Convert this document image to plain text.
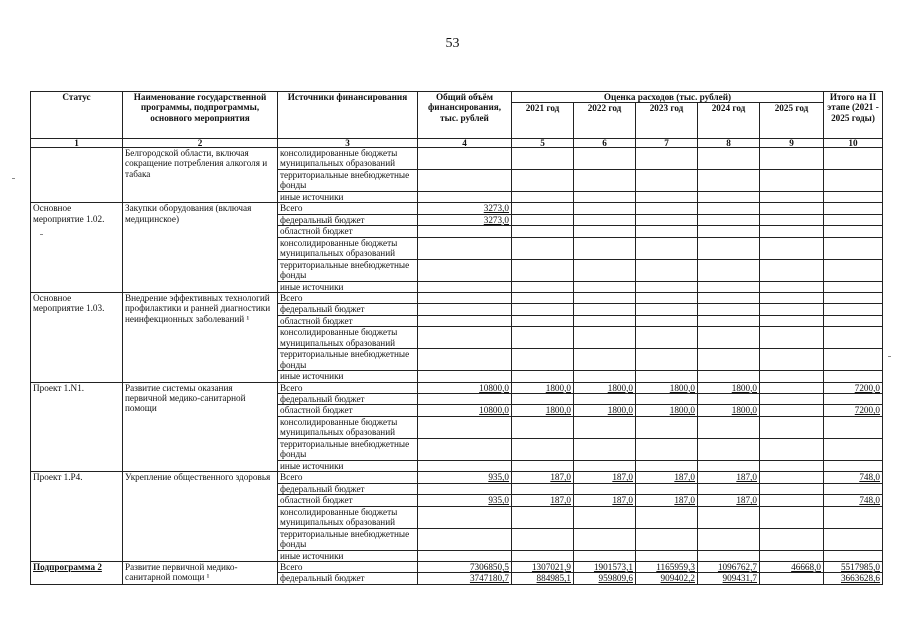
53
Статус	Наименование государственной программы, подпрограммы, основного мероприятия	Источники финансирования	Общий объём финансирования, тыс. рублей	Оценка расходов (тыс. рублей)					Итого на II этапе (2021 - 2025 годы)
				2021 год	2022 год	2023 год	2024 год	2025 год	
1	2	3	4	5	6	7	8	9	10
	Белгородской области, включая сокращение потребления алкоголя и табака	консолидированные бюджеты муниципальных образований							
		территориальные внебюджетные фонды							
		иные источники							
Основное мероприятие 1.02.	Закупки оборудования (включая медицинское)	Всего	3273,0						
		федеральный бюджет	3273,0						
		областной бюджет							
		консолидированные бюджеты муниципальных образований							
		территориальные внебюджетные фонды							
		иные источники							
Основное мероприятие 1.03.	Внедрение эффективных технологий профилактики и ранней диагностики неинфекционных заболеваний ¹	Всего							
		федеральный бюджет							
		областной бюджет							
		консолидированные бюджеты муниципальных образований							
		территориальные внебюджетные фонды							
		иные источники							
Проект 1.N1.	Развитие системы оказания первичной медико-санитарной помощи	Всего	10800,0	1800,0	1800,0	1800,0	1800,0		7200,0
		федеральный бюджет							
		областной бюджет	10800,0	1800,0	1800,0	1800,0	1800,0		7200,0
		консолидированные бюджеты муниципальных образований							
		территориальные внебюджетные фонды							
		иные источники							
Проект 1.Р4.	Укрепление общественного здоровья	Всего	935,0	187,0	187,0	187,0	187,0		748,0
		федеральный бюджет							
		областной бюджет	935,0	187,0	187,0	187,0	187,0		748,0
		консолидированные бюджеты муниципальных образований							
		территориальные внебюджетные фонды							
		иные источники							
Подпрограмма 2	Развитие первичной медико-санитарной помощи ¹	Всего	7306850,5	1307021,9	1901573,1	1165959,3	1096762,7	46668,0	5517985,0
		федеральный бюджет	3747180,7	884985,1	959809,6	909402,2	909431,7		3663628,6
